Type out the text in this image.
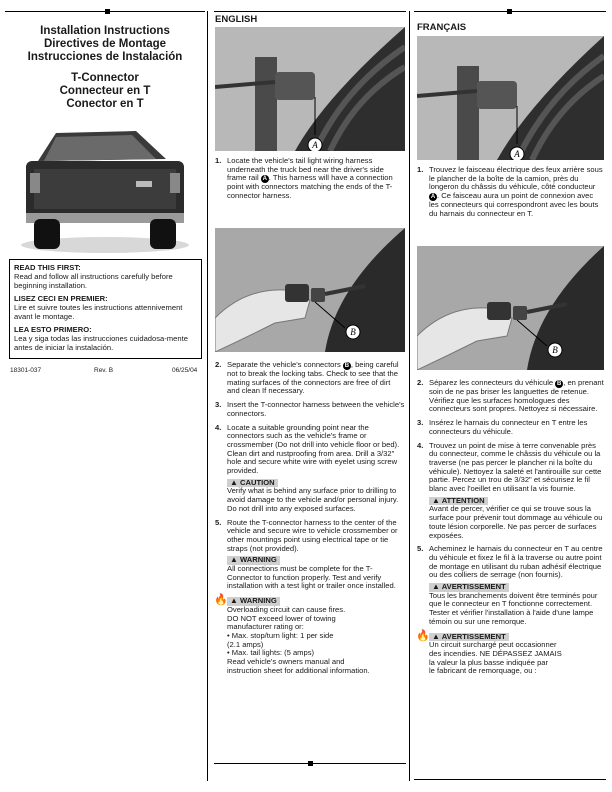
Installation Instructions
Directives de Montage
Instrucciones de Instalación
T-Connector
Connecteur en T
Conector en T
READ THIS FIRST:
Read and follow all instructions carefully before beginning installation.
LISEZ CECI EN PREMIER:
Lire et suivre toutes les instructions attennivement avant le montage.
LEA ESTO PRIMERO:
Lea y siga todas las instrucciones cuidadosa-mente antes de iniciar la instalación.
18301-037	Rev. B	06/25/04
ENGLISH
A
1. Locate the vehicle's tail light wiring harness underneath the truck bed near the driver's side frame rail A . This harness will have a connection point with connectors matching the ends of the T-connector harness.
B
2. Separate the vehicle's connectors B , being careful not to break the locking tabs. Check to see that the mating surfaces of the connectors are free of dirt and clean If necessary.
3. Insert the T-connector harness between the vehicle's connectors.
4. Locate a suitable grounding point near the connectors such as the vehicle's frame or crossmember (Do not drill into vehicle floor or bed). Clean dirt and rustproofing from area. Drill a 3/32" hole and secure white wire with eyelet using screw provided.
▲ CAUTION
Verify what is behind any surface prior to drilling to avoid damage to the vehicle and/or personal injury. Do not drill into any exposed surfaces.
5. Route the T-connector harness to the center of the vehicle and secure wire to vehicle crossmember or other mountings point using electrical tape or tie straps (not provided).
▲ WARNING
All connections must be complete for the T-Connector to function properly. Test and verify installation with a test light or trailer once installed.
🔥 ▲ WARNING
Overloading circuit can cause fires.
DO NOT exceed lower of towing
manufacturer rating or:
• Max. stop/turn light: 1 per side
(2.1 amps)
• Max. tail lights: (5 amps)
Read vehicle's owners manual and
instruction sheet for additional information.
FRANÇAIS
A
1. Trouvez le faisceau électrique des feux arrière sous le plancher de la boîte de la camion, près du longeron du châssis du véhicule, côté conducteur A . Ce faisceau aura un point de connexion avec les connecteurs qui correspondront avec les bouts du harnais du connecteur en T.
B
2. Séparez les connecteurs du véhicule B , en prenant soin de ne pas briser les languettes de retenue. Vérifiez que les surfaces homologues des connecteurs sont propres. Nettoyez si nécessaire.
3. Insérez le harnais du connecteur en T entre les connecteurs du véhicule.
4. Trouvez un point de mise à terre convenable près du connecteur, comme le châssis du véhicule ou la traverse (ne pas percer le plancher ni la boîte du véhicule). Nettoyez la saleté et l'antirouille sur cette partie. Percez un trou de 3/32" et sécurisez le fil blanc avec l'oeillet en utilisant la vis fournie.
▲ ATTENTION
Avant de percer, vérifier ce qui se trouve sous la surface pour prévenir tout dommage au véhicule ou toute lésion corporelle. Ne pas percer de surfaces exposées.
5. Acheminez le harnais du connecteur en T au centre du véhicule et fixez le fil à la traverse ou autre point de montage en utilisant du ruban adhésif électrique ou des colliers de serrage (non fournis).
▲ AVERTISSEMENT
Tous les branchements doivent être terminés pour que le connecteur en T fonctionne correctement. Tester et vérifier l'installation à l'aide d'une lampe témoin ou sur une remorque.
🔥 ▲ AVERTISSEMENT
Un circuit surchargé peut occasionner
des incendies. NE DÉPASSEZ JAMAIS
la valeur la plus basse indiquée par
le fabricant de remorquage, ou :
